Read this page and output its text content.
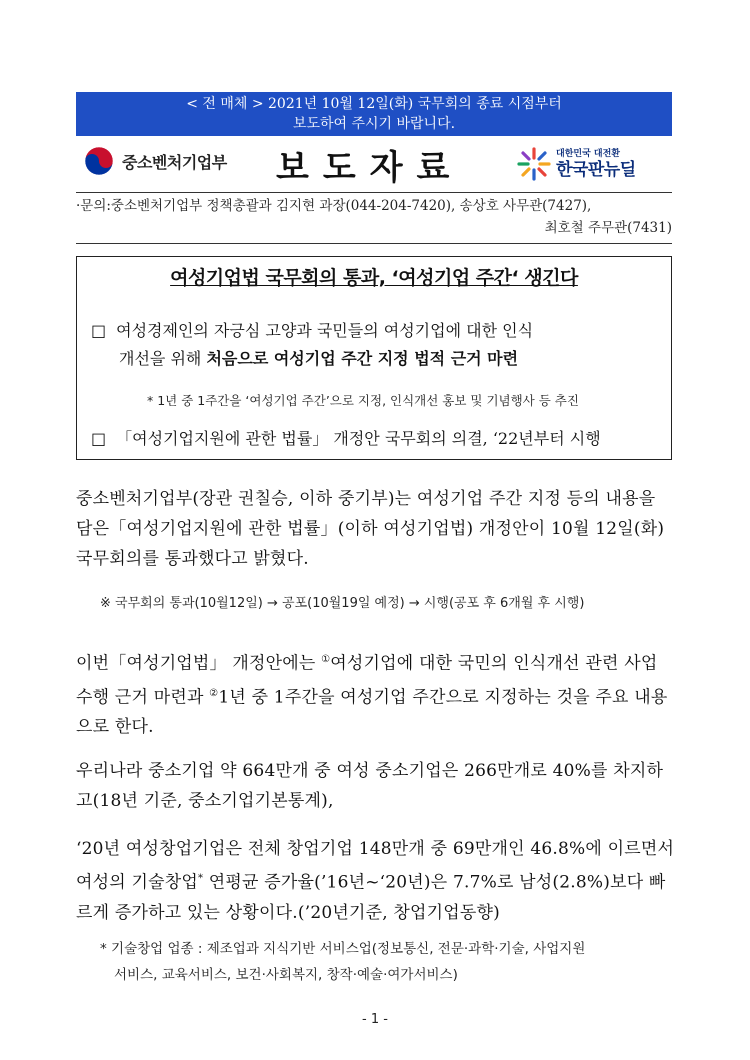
< 전 매체 > 2021년 10월 12일(화) 국무회의 종료 시점부터
보도하여 주시기 바랍니다.
중소벤처기업부 보도자료	대한민국 대전환
한국판뉴딜
·문의:중소벤처기업부 정책총괄과 김지현 과장(044-204-7420), 송상호 사무관(7427),
최호철 주무관(7431)
여성기업법 국무회의 통과, ‘여성기업 주간‘ 생긴다
□ 여성경제인의 자긍심 고양과 국민들의 여성기업에 대한 인식
개선을 위해 처음으로 여성기업 주간 지정 법적 근거 마련
* 1년 중 1주간을 ‘여성기업 주간’으로 지정, 인식개선 홍보 및 기념행사 등 추진
□ 「여성기업지원에 관한 법률」 개정안 국무회의 의결, ‘22년부터 시행
중소벤처기업부(장관 권칠승, 이하 중기부)는 여성기업 주간 지정 등의 내용을 담은「여성기업지원에 관한 법률」(이하 여성기업법) 개정안이 10월 12일(화) 국무회의를 통과했다고 밝혔다.
※ 국무회의 통과(10월12일) → 공포(10월19일 예정) → 시행(공포 후 6개월 후 시행)
이번「여성기업법」 개정안에는 ①여성기업에 대한 국민의 인식개선 관련 사업 수행 근거 마련과 ②1년 중 1주간을 여성기업 주간으로 지정하는 것을 주요 내용으로 한다.
우리나라 중소기업 약 664만개 중 여성 중소기업은 266만개로 40%를 차지하고(18년 기준, 중소기업기본통계),
‘20년 여성창업기업은 전체 창업기업 148만개 중 69만개인 46.8%에 이르면서 여성의 기술창업* 연평균 증가율(’16년~‘20년)은 7.7%로 남성(2.8%)보다 빠르게 증가하고 있는 상황이다.(’20년기준, 창업기업동향)
* 기술창업 업종 : 제조업과 지식기반 서비스업(정보통신, 전문·과학·기술, 사업지원
서비스, 교육서비스, 보건·사회복지, 창작·예술·여가서비스)
- 1 -
